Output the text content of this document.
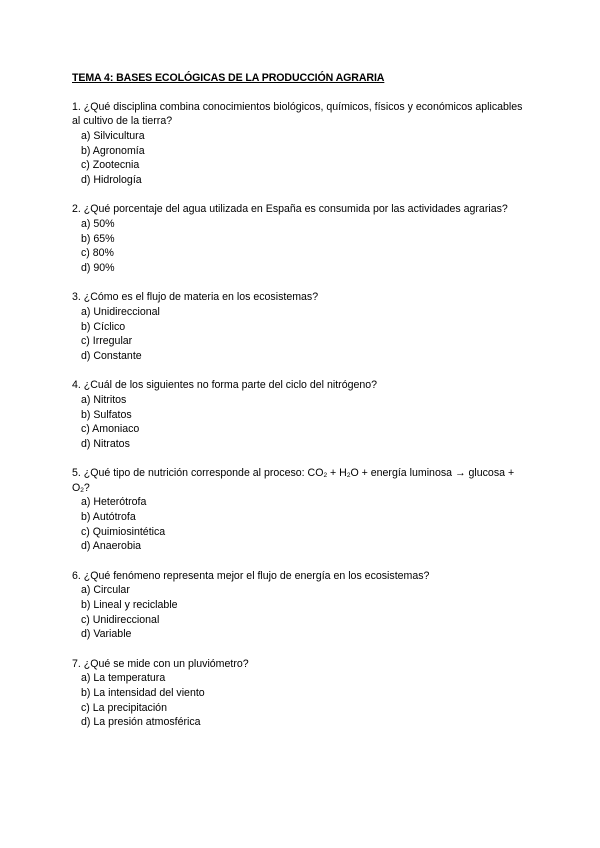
TEMA 4: BASES ECOLÓGICAS DE LA PRODUCCIÓN AGRARIA

1. ¿Qué disciplina combina conocimientos biológicos, químicos, físicos y económicos aplicables al cultivo de la tierra?

a) Silvicultura
b) Agronomía
c) Zootecnia
d) Hidrología

2. ¿Qué porcentaje del agua utilizada en España es consumida por las actividades agrarias?

a) 50%
b) 65%
c) 80%
d) 90%

3. ¿Cómo es el flujo de materia en los ecosistemas?

a) Unidireccional
b) Cíclico
c) Irregular
d) Constante

4. ¿Cuál de los siguientes no forma parte del ciclo del nitrógeno?

a) Nitritos
b) Sulfatos
c) Amoniaco
d) Nitratos

5. ¿Qué tipo de nutrición corresponde al proceso: $CO_2 + H_2O$ + energía luminosa → $glucosa + O_2$?

a) Heterótrofa
b) Autótrofa
c) Quimiosintética
d) Anaerobia

6. ¿Qué fenómeno representa mejor el flujo de energía en los ecosistemas?

a) Circular
b) Lineal y reciclable
c) Unidireccional
d) Variable

7. ¿Qué se mide con un pluviómetro?

a) La temperatura
b) La intensidad del viento
c) La precipitación
d) La presión atmosférica
